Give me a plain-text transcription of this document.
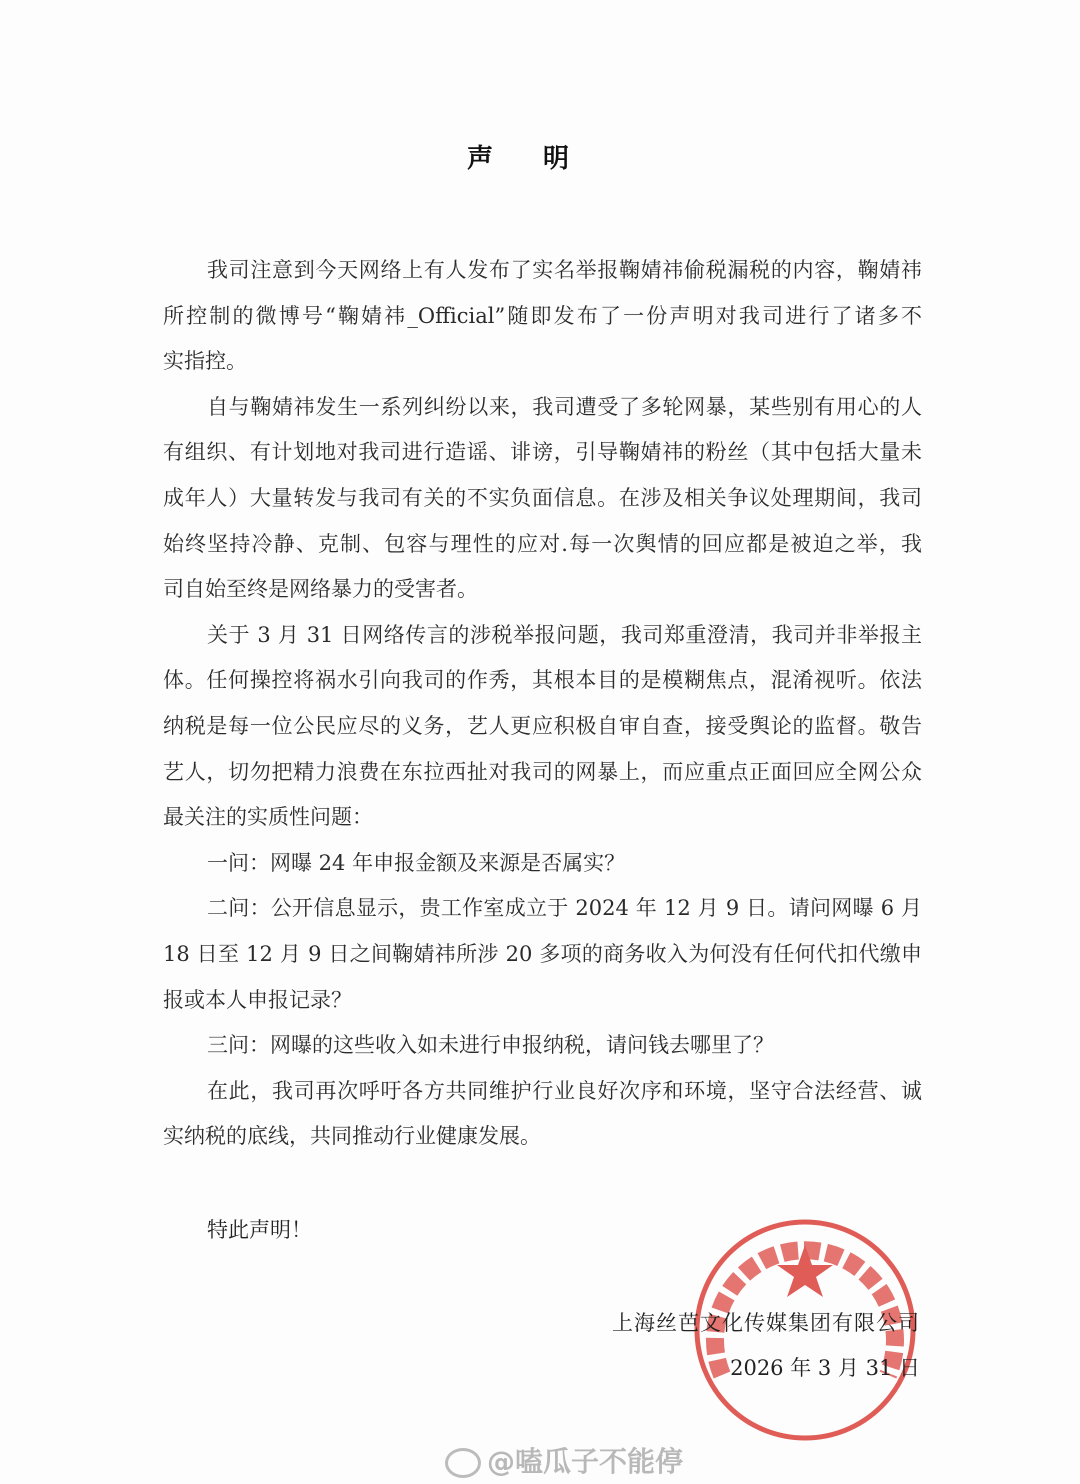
声明
我司注意到今天网络上有人发布了实名举报鞠婧祎偷税漏税的内容，鞠婧祎
所控制的微博号“鞠婧祎_Official”随即发布了一份声明对我司进行了诸多不
实指控。
自与鞠婧祎发生一系列纠纷以来，我司遭受了多轮网暴，某些别有用心的人
有组织、有计划地对我司进行造谣、诽谤，引导鞠婧祎的粉丝（其中包括大量未
成年人）大量转发与我司有关的不实负面信息。在涉及相关争议处理期间，我司
始终坚持冷静、克制、包容与理性的应对.每一次舆情的回应都是被迫之举，我
司自始至终是网络暴力的受害者。
关于 3 月 31 日网络传言的涉税举报问题，我司郑重澄清，我司并非举报主
体。任何操控将祸水引向我司的作秀，其根本目的是模糊焦点，混淆视听。依法
纳税是每一位公民应尽的义务，艺人更应积极自审自查，接受舆论的监督。敬告
艺人，切勿把精力浪费在东拉西扯对我司的网暴上，而应重点正面回应全网公众
最关注的实质性问题：
一问：网曝 24 年申报金额及来源是否属实？
二问：公开信息显示，贵工作室成立于 2024 年 12 月 9 日。请问网曝 6 月
18 日至 12 月 9 日之间鞠婧祎所涉 20 多项的商务收入为何没有任何代扣代缴申
报或本人申报记录？
三问：网曝的这些收入如未进行申报纳税，请问钱去哪里了？
在此，我司再次呼吁各方共同维护行业良好次序和环境，坚守合法经营、诚
实纳税的底线，共同推动行业健康发展。
特此声明！
上海丝芭文化传媒集团有限公司
2026 年 3 月 31 日
@嗑瓜子不能停
